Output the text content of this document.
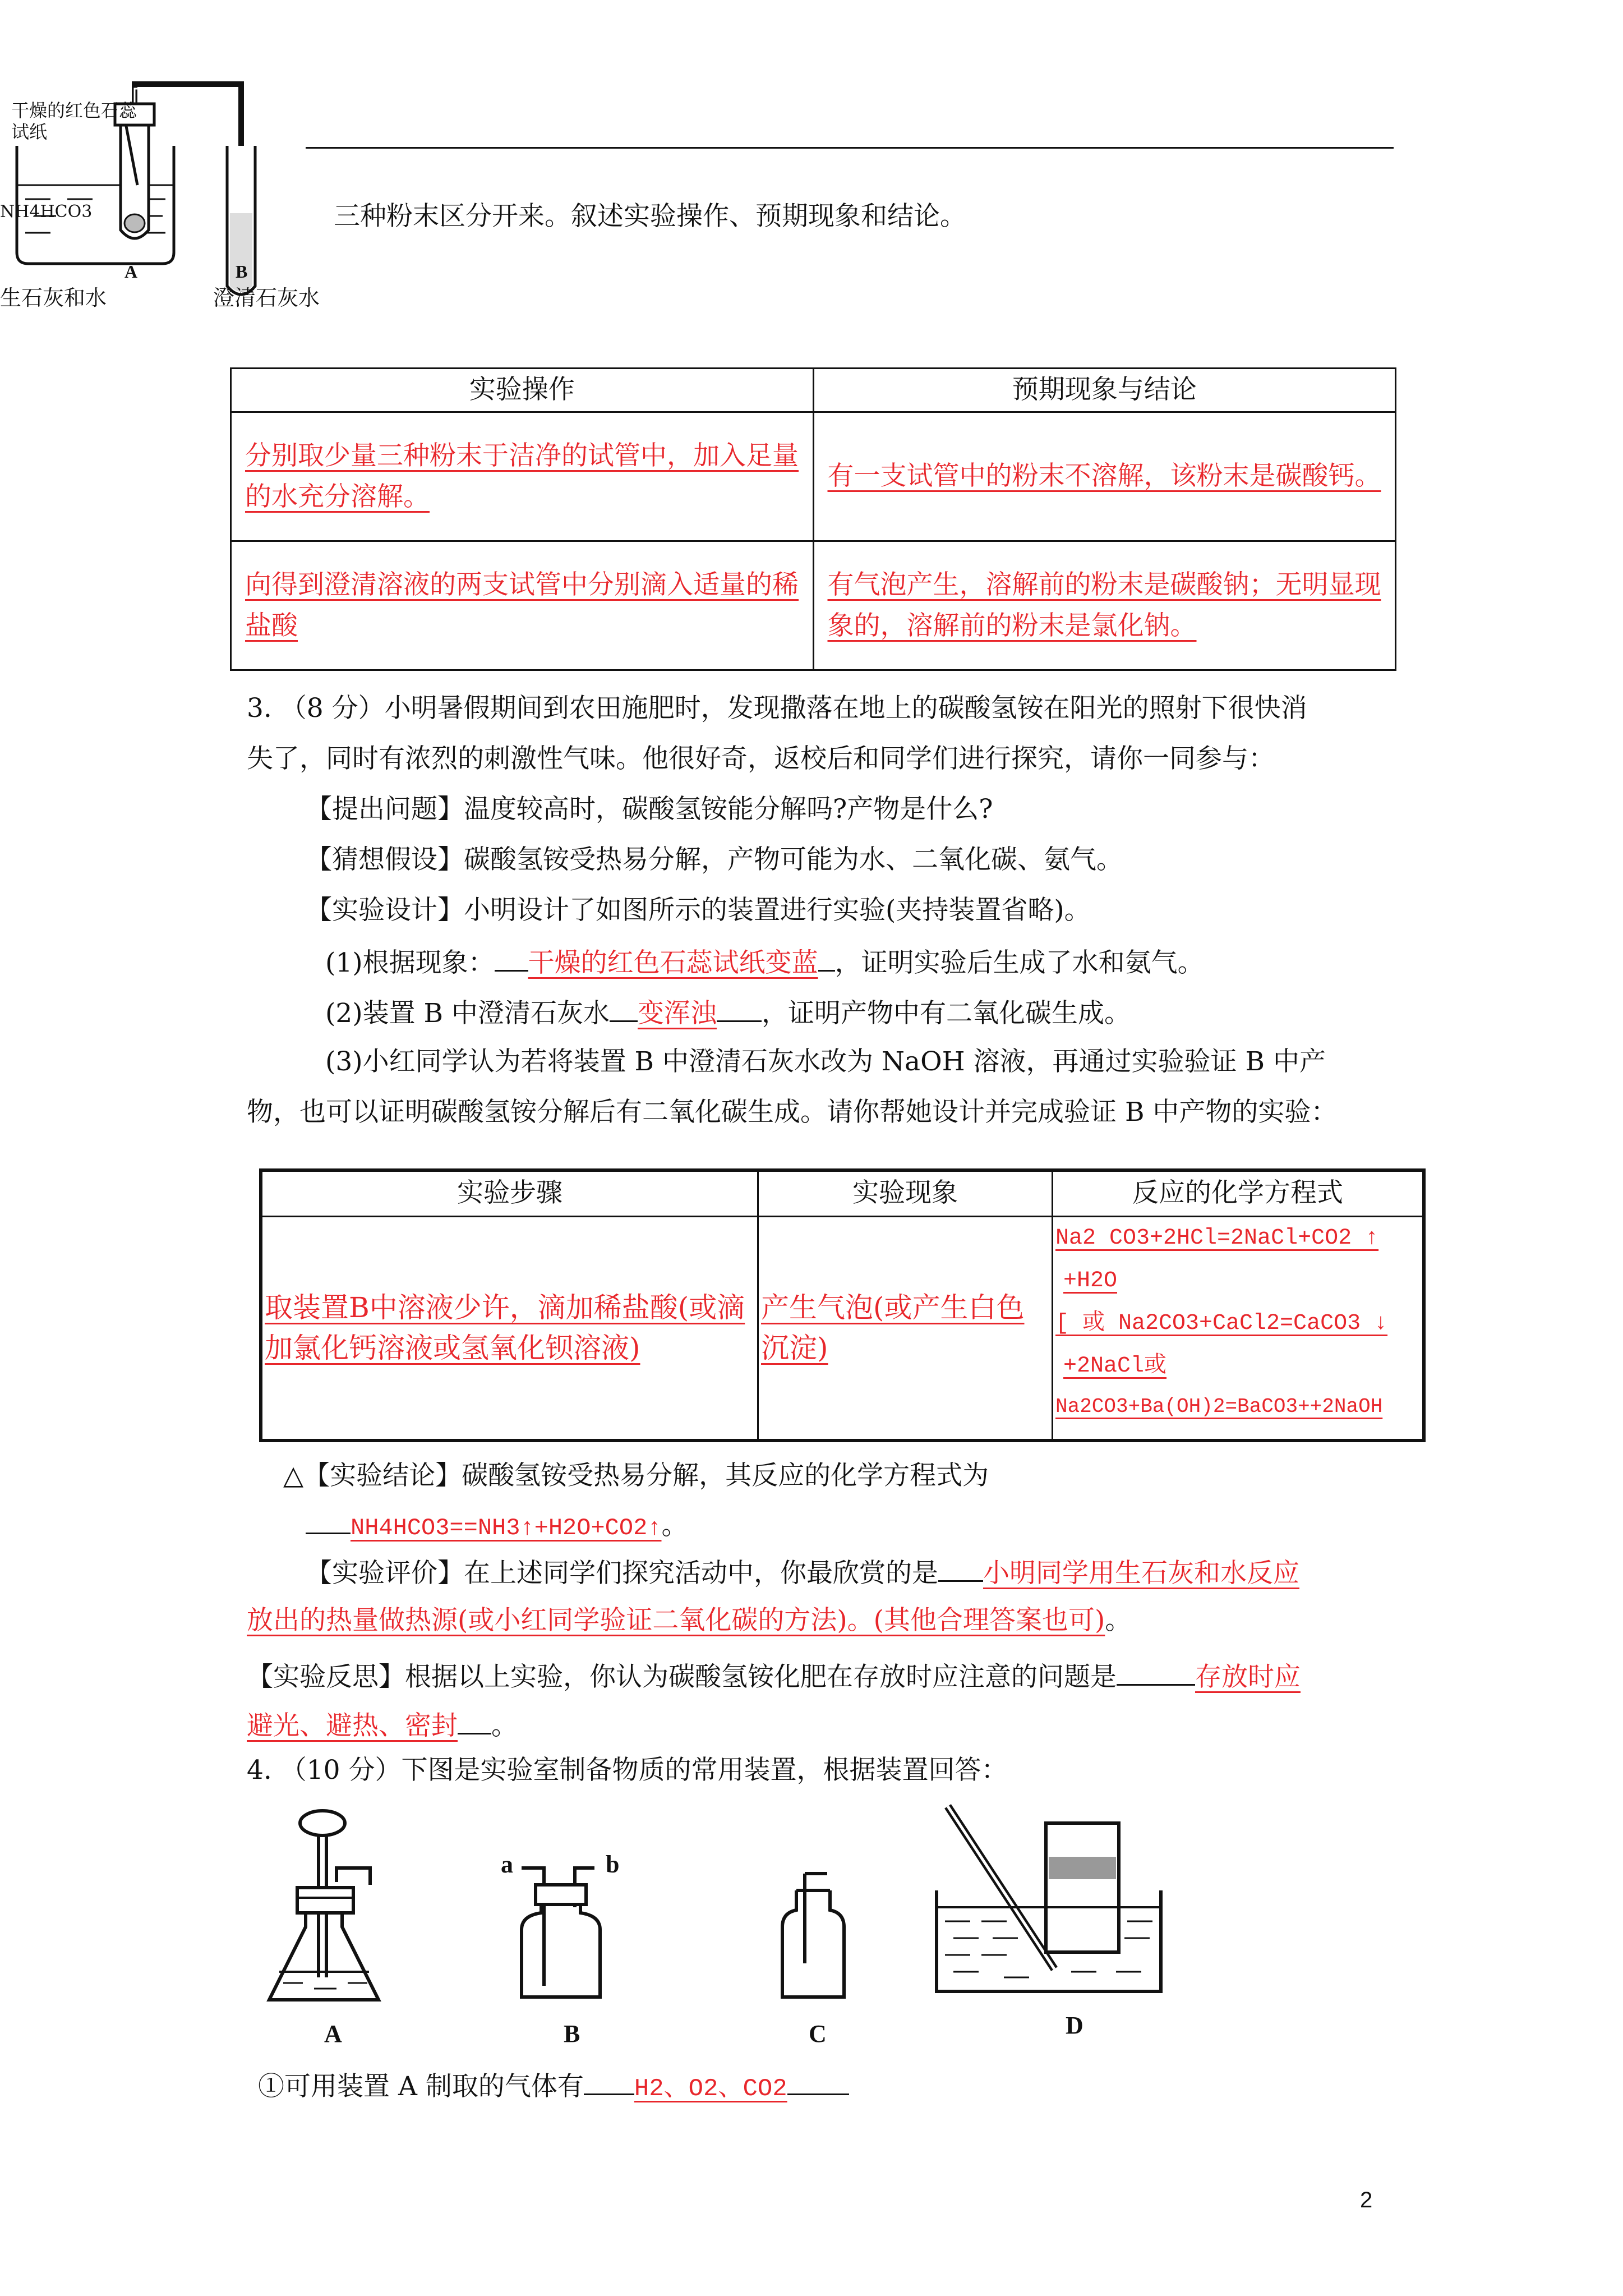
干燥的红色石蕊试纸
NH4HCO3
A	B
生石灰和水	澄清石灰水
三种粉末区分开来。叙述实验操作、预期现象和结论。
实验操作	预期现象与结论

分别取少量三种粉末于洁净的试管中，加入足量的水充分溶解。	有一支试管中的粉末不溶解，该粉末是碳酸钙。

向得到澄清溶液的两支试管中分别滴入适量的稀盐酸	有气泡产生，溶解前的粉末是碳酸钠；无明显现象的，溶解前的粉末是氯化钠。
3. （8 分）小明暑假期间到农田施肥时，发现撒落在地上的碳酸氢铵在阳光的照射下很快消
失了，同时有浓烈的刺激性气味。他很好奇，返校后和同学们进行探究，请你一同参与：
【提出问题】温度较高时，碳酸氢铵能分解吗?产物是什么?
【猜想假设】碳酸氢铵受热易分解，产物可能为水、二氧化碳、氨气。
【实验设计】小明设计了如图所示的装置进行实验(夹持装置省略)。
(1)根据现象： 干燥的红色石蕊试纸变蓝 ，证明实验后生成了水和氨气。
(2)装置 B 中澄清石灰水 变浑浊 ，证明产物中有二氧化碳生成。
(3)小红同学认为若将装置 B 中澄清石灰水改为 NaOH 溶液，再通过实验验证 B 中产
物，也可以证明碳酸氢铵分解后有二氧化碳生成。请你帮她设计并完成验证 B 中产物的实验：
实验步骤	实验现象	反应的化学方程式

取装置B中溶液少许，滴加稀盐酸(或滴加氯化钙溶液或氢氧化钡溶液)	产生气泡(或产生白色沉淀)	Na2 CO3+2HCl=2NaCl+CO2 ↑
+H2O
[ 或 Na2CO3+CaCl2=CaCO3 ↓
+2NaCl或
Na2CO3+Ba(OH)2=BaCO3++2NaOH
△【实验结论】碳酸氢铵受热易分解，其反应的化学方程式为
NH4HCO3==NH3↑+H2O+CO2↑。
【实验评价】在上述同学们探究活动中，你最欣赏的是 小明同学用生石灰和水反应
放出的热量做热源(或小红同学验证二氧化碳的方法)。(其他合理答案也可)。
【实验反思】根据以上实验，你认为碳酸氢铵化肥在存放时应注意的问题是	存放时应
避光、避热、密封 。
4. （10 分）下图是实验室制备物质的常用装置，根据装置回答：
A
a	b
B	C	D
①可用装置 A 制取的气体有 H2、O2、CO2
2
